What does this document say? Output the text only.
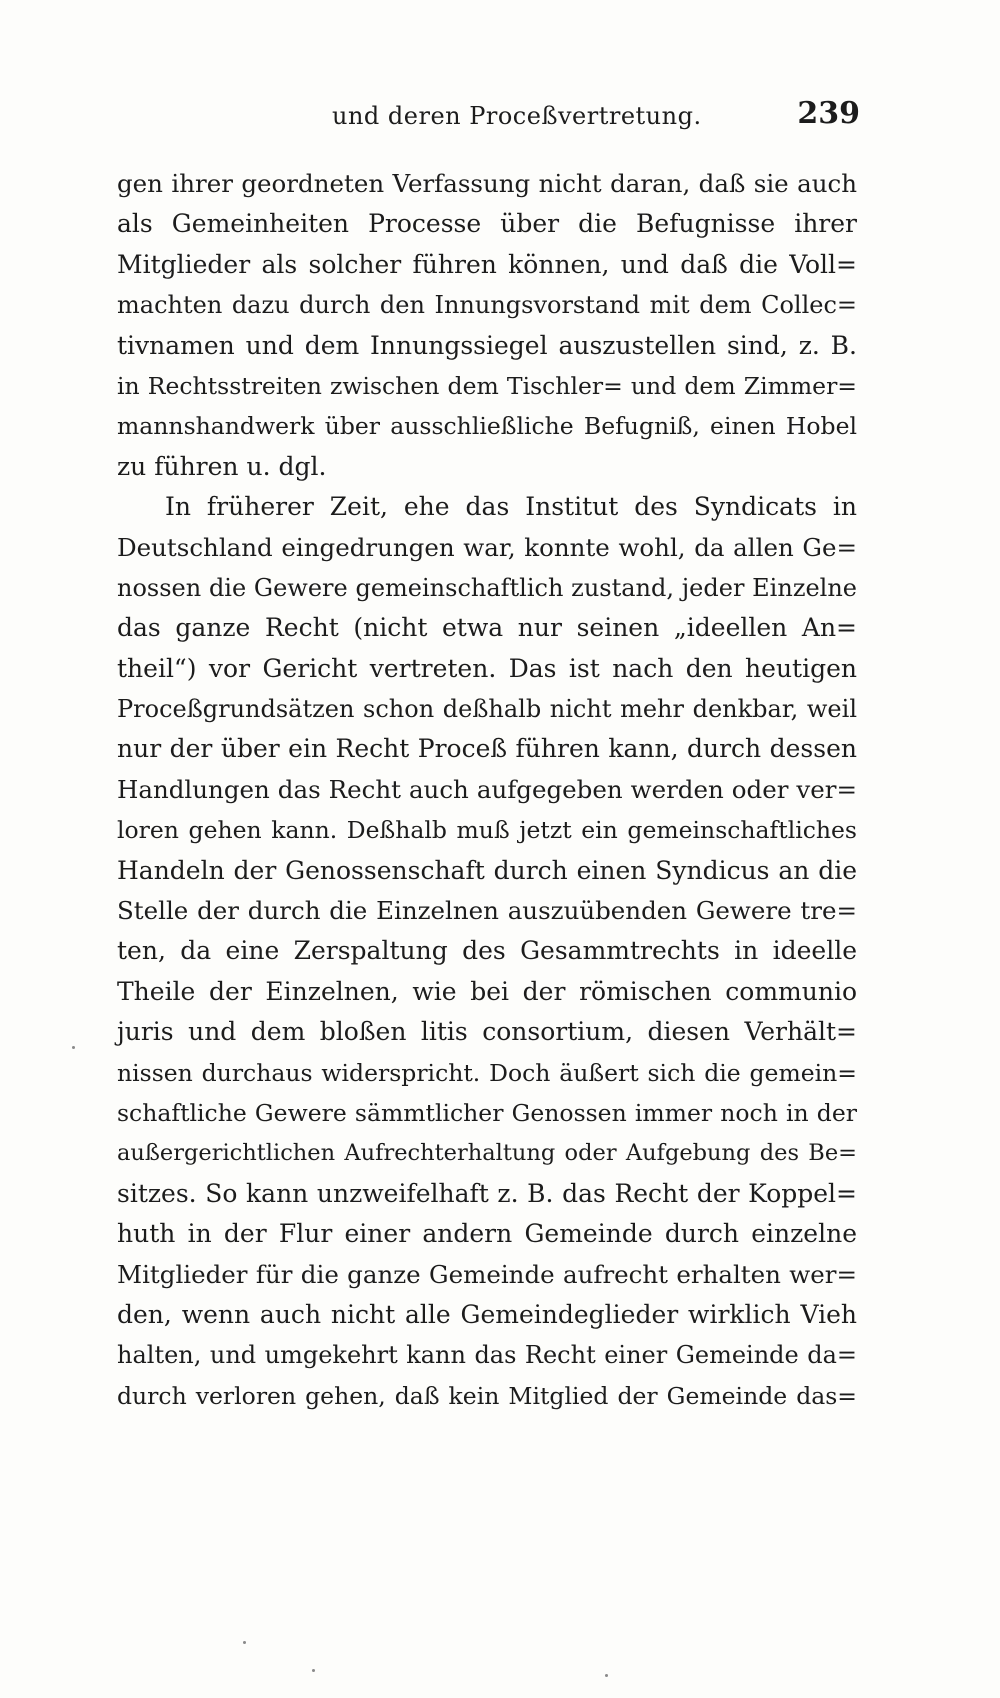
und deren Proceßvertretung.	239
gen ihrer geordneten Verfassung nicht daran, daß sie auch
als Gemeinheiten Processe über die Befugnisse ihrer
Mitglieder als solcher führen können, und daß die Voll=
machten dazu durch den Innungsvorstand mit dem Collec=
tivnamen und dem Innungssiegel auszustellen sind, z. B.
in Rechtsstreiten zwischen dem Tischler= und dem Zimmer=
mannshandwerk über ausschließliche Befugniß, einen Hobel
zu führen u. dgl.
In früherer Zeit, ehe das Institut des Syndicats in
Deutschland eingedrungen war, konnte wohl, da allen Ge=
nossen die Gewere gemeinschaftlich zustand, jeder Einzelne
das ganze Recht (nicht etwa nur seinen „ideellen An=
theil“) vor Gericht vertreten. Das ist nach den heutigen
Proceßgrundsätzen schon deßhalb nicht mehr denkbar, weil
nur der über ein Recht Proceß führen kann, durch dessen
Handlungen das Recht auch aufgegeben werden oder ver=
loren gehen kann. Deßhalb muß jetzt ein gemeinschaftliches
Handeln der Genossenschaft durch einen Syndicus an die
Stelle der durch die Einzelnen auszuübenden Gewere tre=
ten, da eine Zerspaltung des Gesammtrechts in ideelle
Theile der Einzelnen, wie bei der römischen communio
juris und dem bloßen litis consortium, diesen Verhält=
nissen durchaus widerspricht. Doch äußert sich die gemein=
schaftliche Gewere sämmtlicher Genossen immer noch in der
außergerichtlichen Aufrechterhaltung oder Aufgebung des Be=
sitzes. So kann unzweifelhaft z. B. das Recht der Koppel=
huth in der Flur einer andern Gemeinde durch einzelne
Mitglieder für die ganze Gemeinde aufrecht erhalten wer=
den, wenn auch nicht alle Gemeindeglieder wirklich Vieh
halten, und umgekehrt kann das Recht einer Gemeinde da=
durch verloren gehen, daß kein Mitglied der Gemeinde das=
